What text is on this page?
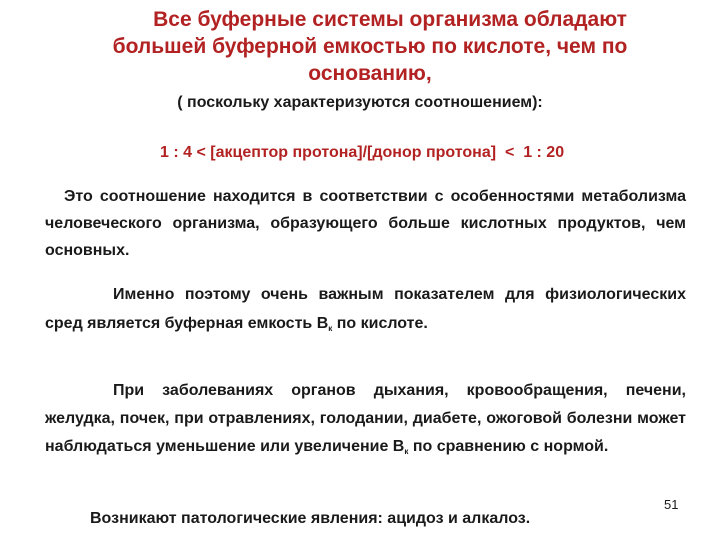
Все буферные системы организма обладают
большей буферной емкостью по кислоте, чем по
основанию,
( поскольку характеризуются соотношением):
1 : 4 < [акцептор протона]/[донор протона]  <  1 : 20
Это соотношение находится в соответствии с особенностями метаболизма человеческого организма, образующего больше кислотных продуктов, чем основных.
Именно поэтому очень важным показателем для физиологических сред является буферная емкость Вк по кислоте.
При заболеваниях органов дыхания, кровообращения, печени, желудка, почек, при отравлениях, голодании, диабете, ожоговой болезни может наблюдаться уменьшение или увеличение Вк по сравнению с нормой.
Возникают патологические явления: ацидоз и алкалоз.
51
